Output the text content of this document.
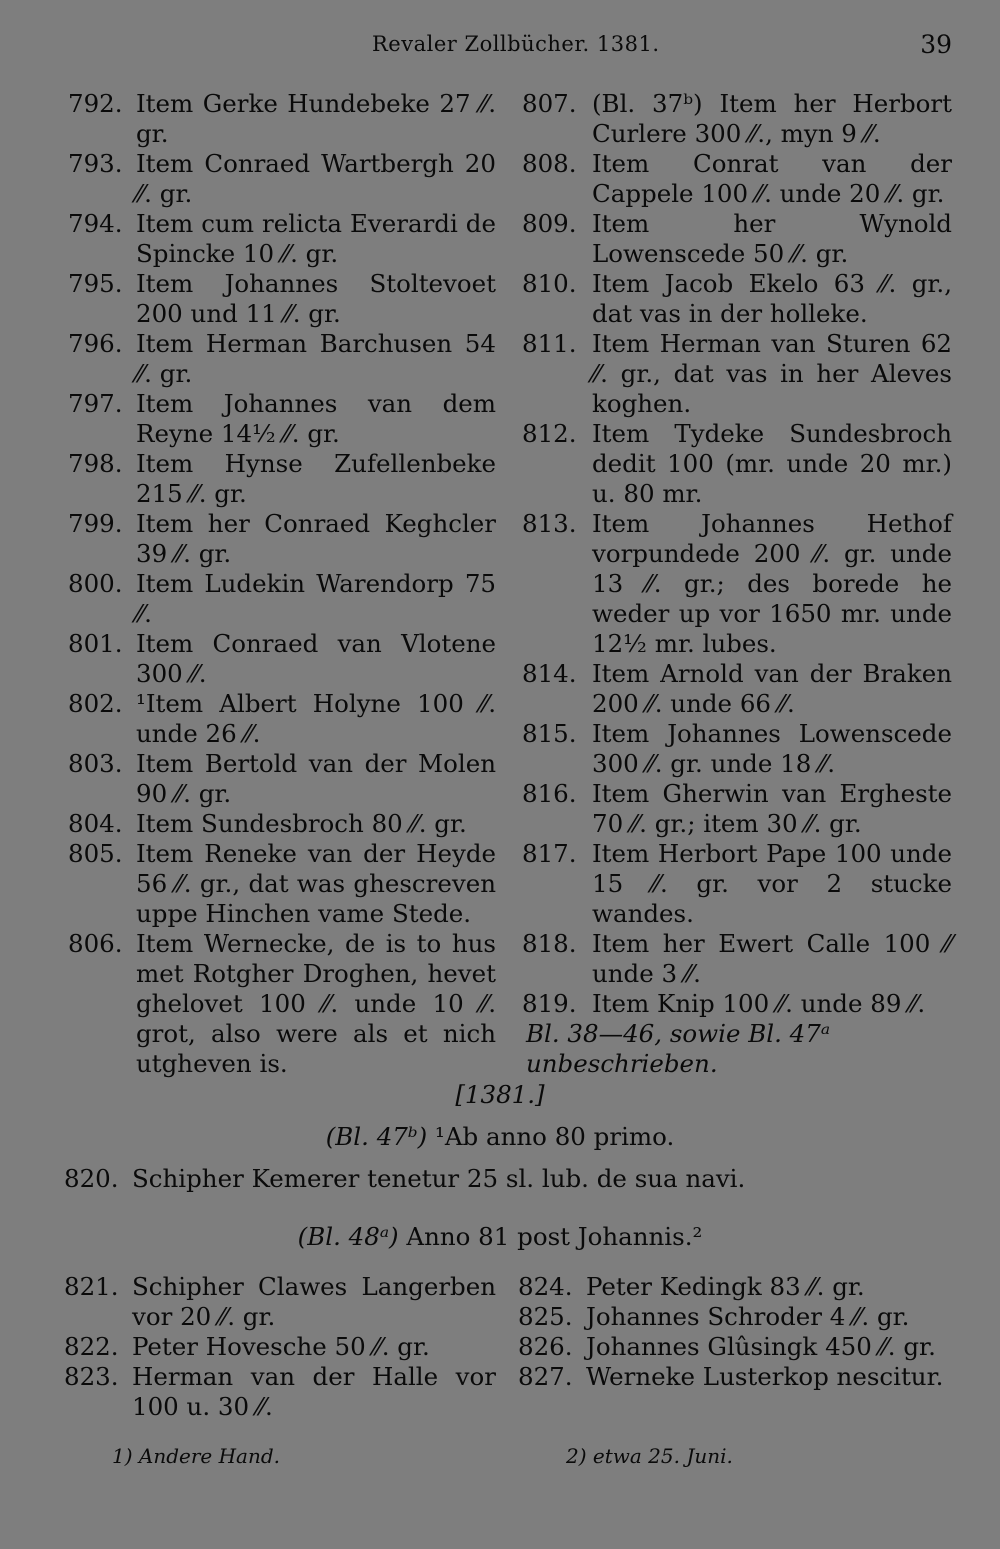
Revaler Zollbücher. 1381.	39
792. Item Gerke Hundebeke 27 ⁄⁄. gr.
793. Item Conraed Wartbergh 20 ⁄⁄. gr.
794. Item cum relicta Everardi de Spincke 10 ⁄⁄. gr.
795. Item Johannes Stoltevoet 200 und 11 ⁄⁄. gr.
796. Item Herman Barchusen 54 ⁄⁄. gr.
797. Item Johannes van dem Reyne 14½ ⁄⁄. gr.
798. Item Hynse Zufellenbeke 215 ⁄⁄. gr.
799. Item her Conraed Keghcler 39 ⁄⁄. gr.
800. Item Ludekin Warendorp 75 ⁄⁄.
801. Item Conraed van Vlotene 300 ⁄⁄.
802. ¹Item Albert Holyne 100 ⁄⁄. unde 26 ⁄⁄.
803. Item Bertold van der Molen 90 ⁄⁄. gr.
804. Item Sundesbroch 80 ⁄⁄. gr.
805. Item Reneke van der Heyde 56 ⁄⁄. gr., dat was ghescreven uppe Hinchen vame Stede.
806. Item Wernecke, de is to hus met Rotgher Droghen, hevet ghelovet 100 ⁄⁄. unde 10 ⁄⁄. grot, also were als et nich utgheven is.
807. (Bl. 37ᵇ) Item her Herbort Curlere 300 ⁄⁄., myn 9 ⁄⁄.
808. Item Conrat van der Cappele 100 ⁄⁄. unde 20 ⁄⁄. gr.
809. Item her Wynold Lowenscede 50 ⁄⁄. gr.
810. Item Jacob Ekelo 63 ⁄⁄. gr., dat vas in der holleke.
811. Item Herman van Sturen 62 ⁄⁄. gr., dat vas in her Aleves koghen.
812. Item Tydeke Sundesbroch dedit 100 (mr. unde 20 mr.) u. 80 mr.
813. Item Johannes Hethof vorpundede 200 ⁄⁄. gr. unde 13 ⁄⁄. gr.; des borede he weder up vor 1650 mr. unde 12½ mr. lubes.
814. Item Arnold van der Braken 200 ⁄⁄. unde 66 ⁄⁄.
815. Item Johannes Lowenscede 300 ⁄⁄. gr. unde 18 ⁄⁄.
816. Item Gherwin van Ergheste 70 ⁄⁄. gr.; item 30 ⁄⁄. gr.
817. Item Herbort Pape 100 unde 15 ⁄⁄. gr. vor 2 stucke wandes.
818. Item her Ewert Calle 100 ⁄⁄ unde 3 ⁄⁄.
819. Item Knip 100 ⁄⁄. unde 89 ⁄⁄.
Bl. 38—46, sowie Bl. 47ᵃ unbeschrieben.
[1381.]
(Bl. 47ᵇ) ¹Ab anno 80 primo.
820. Schipher Kemerer tenetur 25 sl. lub. de sua navi.
(Bl. 48ᵃ) Anno 81 post Johannis.²
821. Schipher Clawes Langerben vor 20 ⁄⁄. gr.
822. Peter Hovesche 50 ⁄⁄. gr.
823. Herman van der Halle vor 100 u. 30 ⁄⁄.
824. Peter Kedingk 83 ⁄⁄. gr.
825. Johannes Schroder 4 ⁄⁄. gr.
826. Johannes Glûsingk 450 ⁄⁄. gr.
827. Werneke Lusterkop nescitur.
1) Andere Hand.	2) etwa 25. Juni.
